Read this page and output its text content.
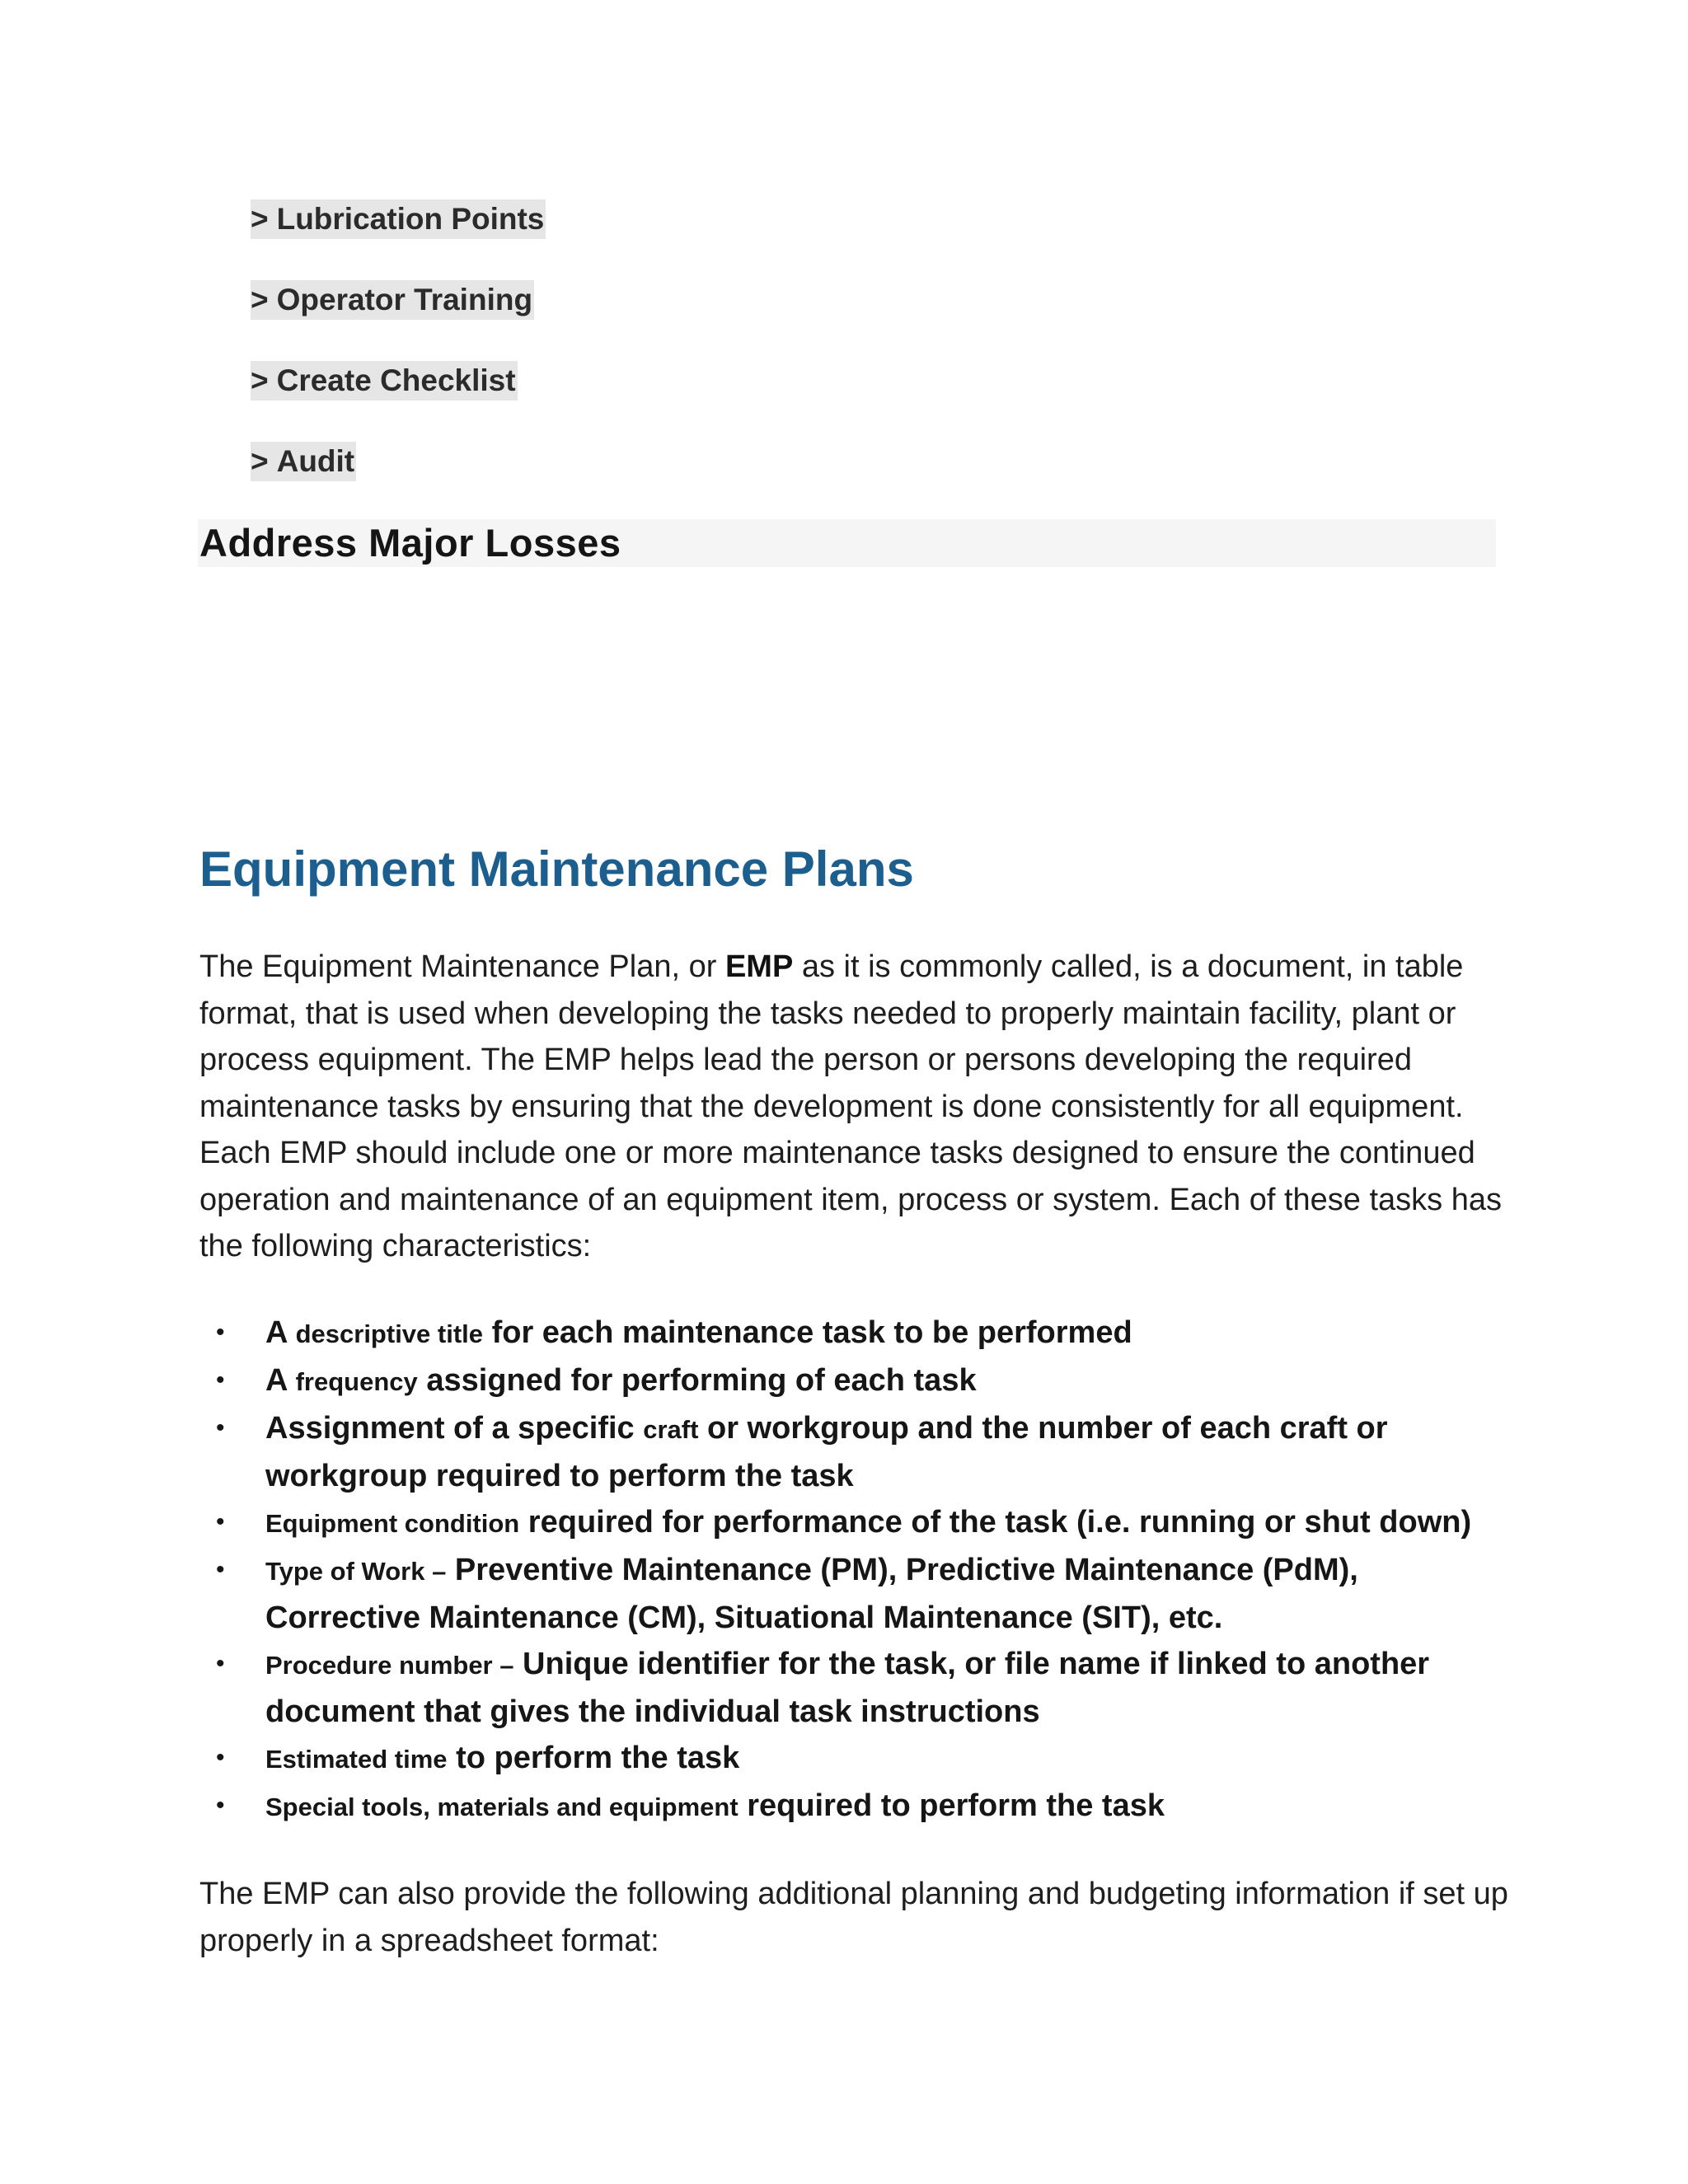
> Lubrication Points
> Operator Training
> Create Checklist
> Audit
Address Major Losses
Equipment Maintenance Plans

The Equipment Maintenance Plan, or EMP as it is commonly called, is a document, in table format, that is used when developing the tasks needed to properly maintain facility, plant or process equipment. The EMP helps lead the person or persons developing the required maintenance tasks by ensuring that the development is done consistently for all equipment. Each EMP should include one or more maintenance tasks designed to ensure the continued operation and maintenance of an equipment item, process or system. Each of these tasks has the following characteristics:

• A descriptive title for each maintenance task to be performed
• A frequency assigned for performing of each task
• Assignment of a specific craft or workgroup and the number of each craft or workgroup required to perform the task
• Equipment condition required for performance of the task (i.e. running or shut down)
• Type of Work – Preventive Maintenance (PM), Predictive Maintenance (PdM), Corrective Maintenance (CM), Situational Maintenance (SIT), etc.
• Procedure number – Unique identifier for the task, or file name if linked to another document that gives the individual task instructions
• Estimated time to perform the task
• Special tools, materials and equipment required to perform the task

The EMP can also provide the following additional planning and budgeting information if set up properly in a spreadsheet format:
